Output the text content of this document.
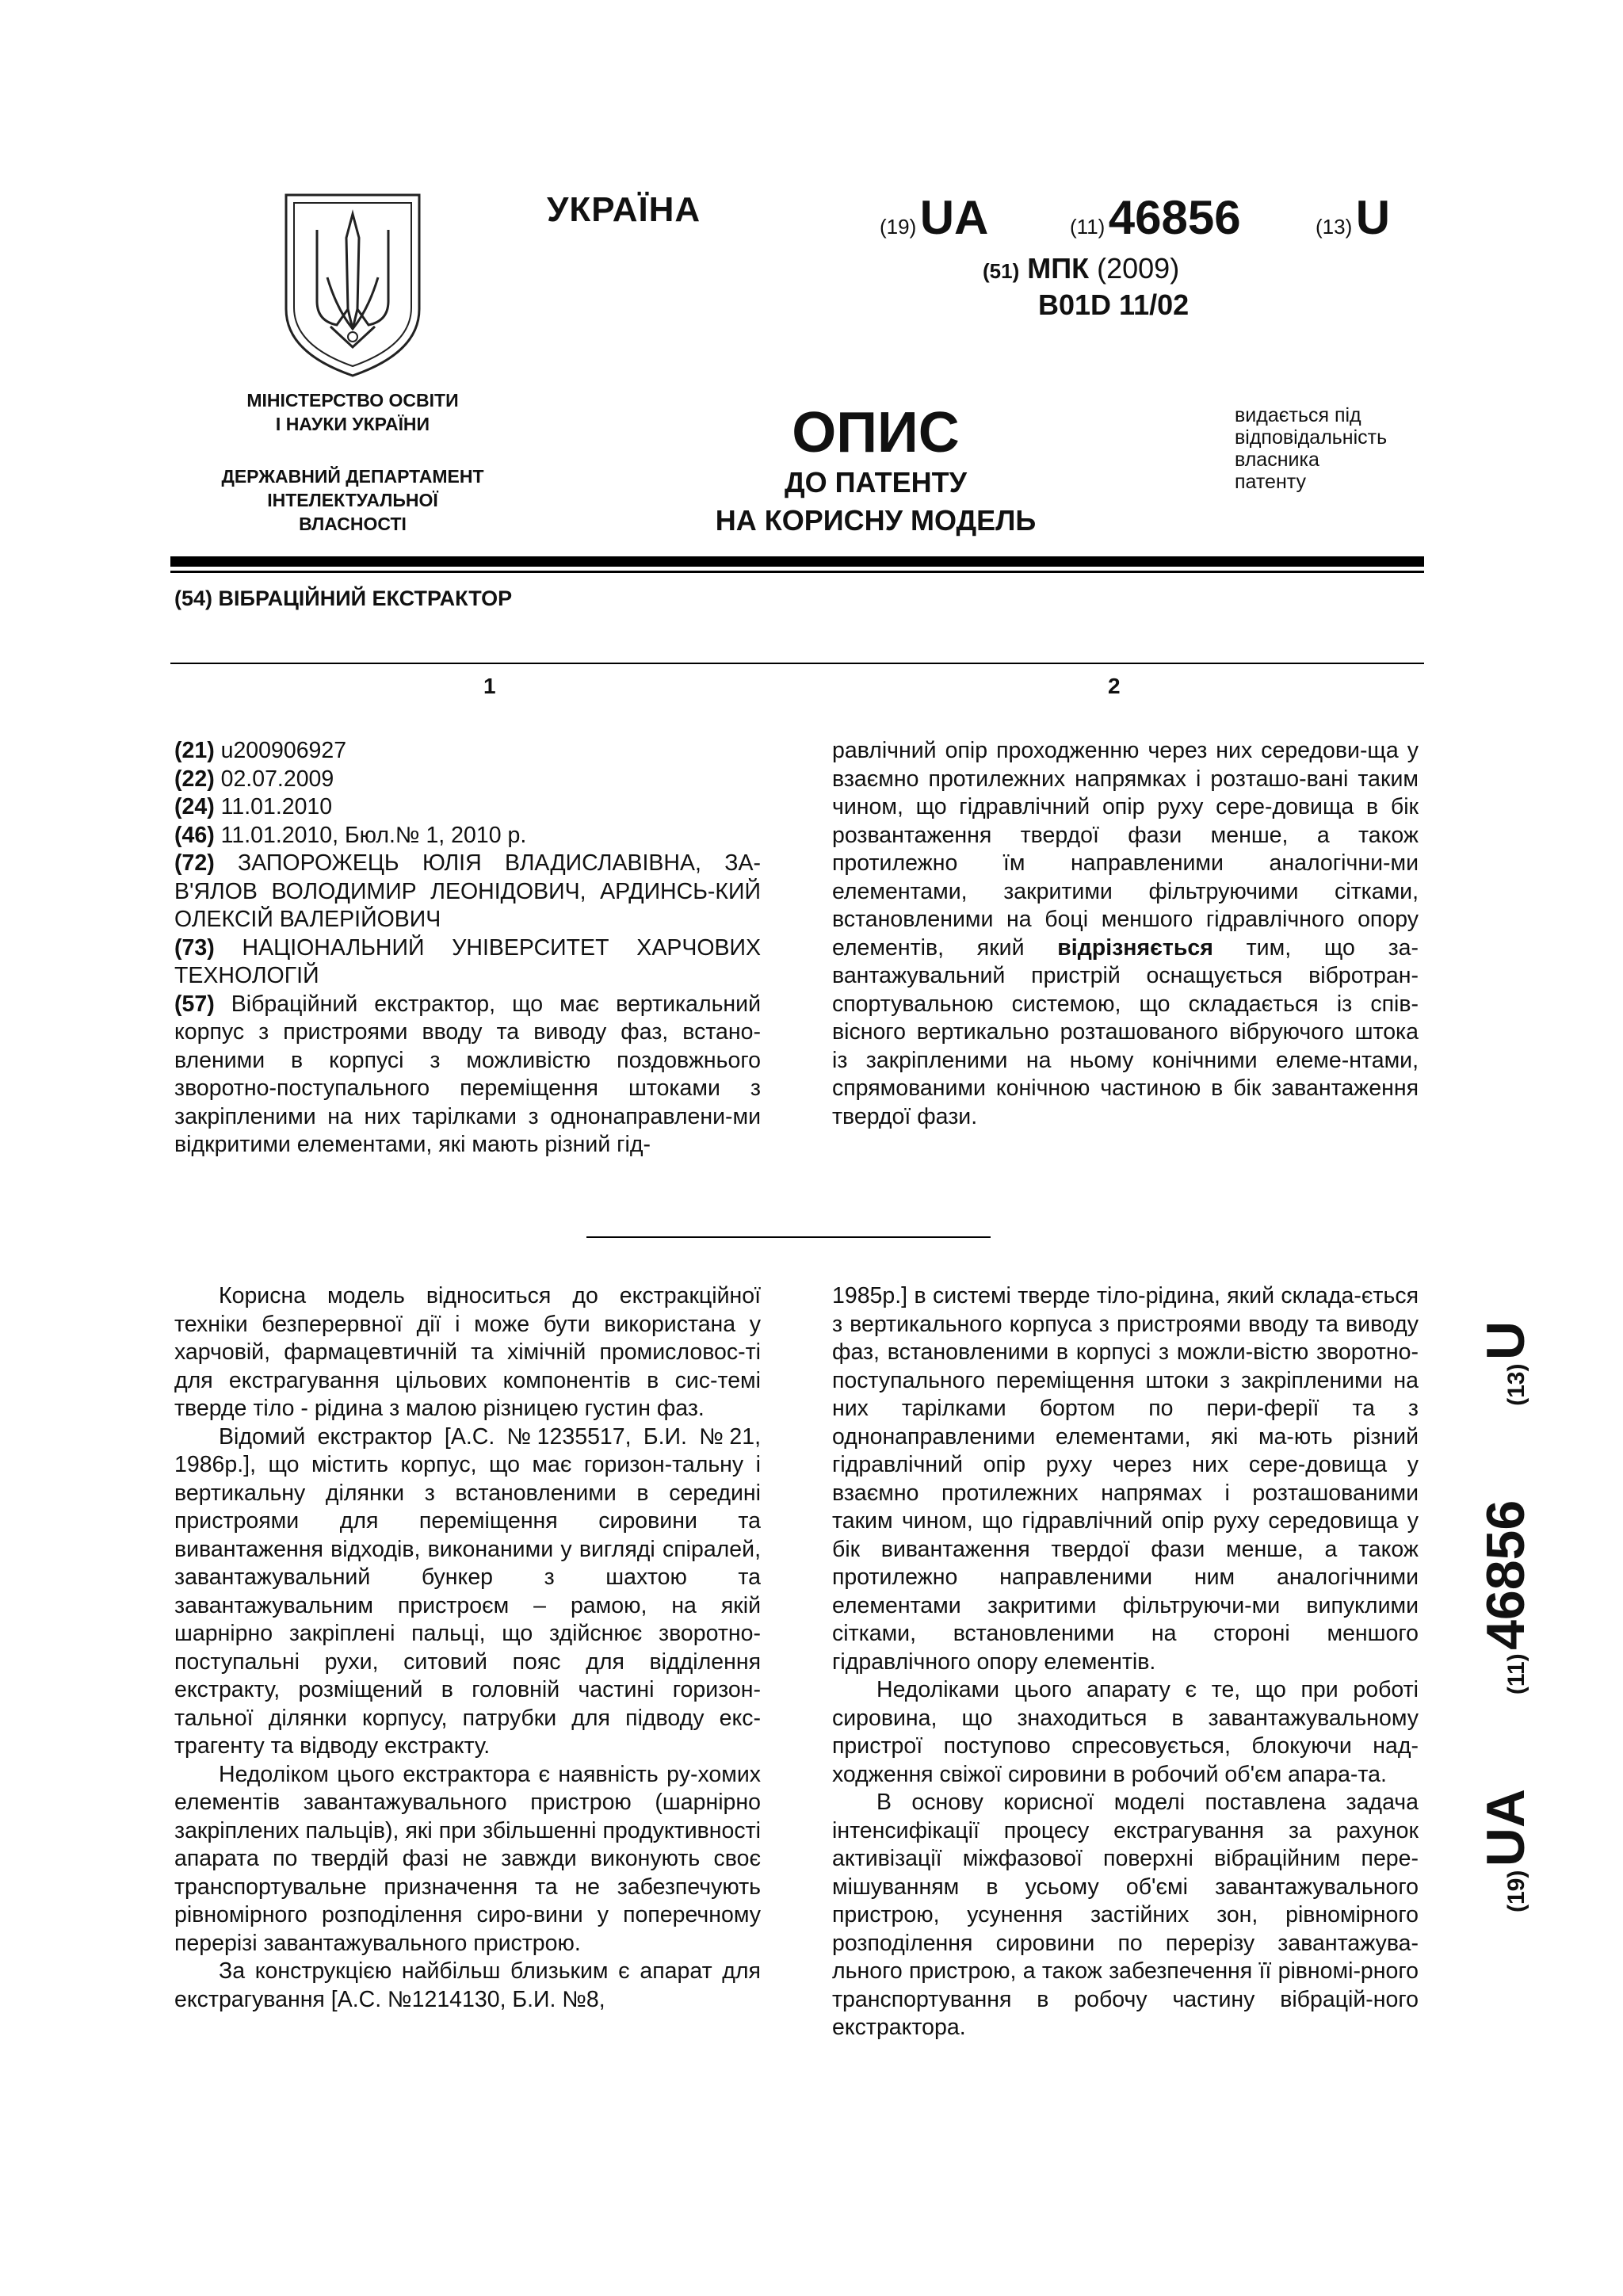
УКРАЇНА
МІНІСТЕРСТВО ОСВІТИ
І НАУКИ УКРАЇНИ
ДЕРЖАВНИЙ ДЕПАРТАМЕНТ
ІНТЕЛЕКТУАЛЬНОЇ
ВЛАСНОСТІ
(19) UA	(11) 46856	(13) U
(51) МПК (2009)
B01D 11/02
ОПИС
ДО ПАТЕНТУ
НА КОРИСНУ МОДЕЛЬ
видається під
відповідальність
власника
патенту
(54) ВІБРАЦІЙНИЙ ЕКСТРАКТОР
1	2

(21) u200906927

(22) 02.07.2009

(24) 11.01.2010

(46) 11.01.2010, Бюл.№ 1, 2010 р.

(72) ЗАПОРОЖЕЦЬ ЮЛІЯ ВЛАДИСЛАВІВНА, ЗА-В'ЯЛОВ ВОЛОДИМИР ЛЕОНІДОВИЧ, АРДИНСЬ-КИЙ ОЛЕКСІЙ ВАЛЕРІЙОВИЧ

(73) НАЦІОНАЛЬНИЙ УНІВЕРСИТЕТ ХАРЧОВИХ ТЕХНОЛОГІЙ

(57) Вібраційний екстрактор, що має вертикальний корпус з пристроями вводу та виводу фаз, встано-вленими в корпусі з можливістю поздовжнього зворотно-поступального переміщення штоками з закріпленими на них тарілками з однонаправлени-ми відкритими елементами, які мають різний гід-

равлічний опір проходженню через них середови-ща у взаємно протилежних напрямках і розташо-вані таким чином, що гідравлічний опір руху сере-довища в бік розвантаження твердої фази менше, а також протилежно їм направленими аналогічни-ми елементами, закритими фільтруючими сітками, встановленими на боці меншого гідравлічного опору елементів, який відрізняється тим, що за-вантажувальний пристрій оснащується вібротран-спортувальною системою, що складається із спів-вісного вертикально розташованого вібруючого штока із закріпленими на ньому конічними елеме-нтами, спрямованими конічною частиною в бік завантаження твердої фази.

Корисна модель відноситься до екстракційної техніки безперервної дії і може бути використана у харчовій, фармацевтичній та хімічній промисловос-ті для екстрагування цільових компонентів в сис-темі тверде тіло - рідина з малою різницею густин фаз.

Відомий екстрактор [А.С. №1235517, Б.И. №21, 1986р.], що містить корпус, що має горизон-тальну і вертикальну ділянки з встановленими в середині пристроями для переміщення сировини та вивантаження відходів, виконаними у вигляді спіралей, завантажувальний бункер з шахтою та завантажувальним пристроєм – рамою, на якій шарнірно закріплені пальці, що здійснює зворотно-поступальні рухи, ситовий пояс для відділення екстракту, розміщений в головній частині горизон-тальної ділянки корпусу, патрубки для підводу екс-трагенту та відводу екстракту.

Недоліком цього екстрактора є наявність ру-хомих елементів завантажувального пристрою (шарнірно закріплених пальців), які при збільшенні продуктивності апарата по твердій фазі не завжди виконують своє транспортувальне призначення та не забезпечують рівномірного розподілення сиро-вини у поперечному перерізі завантажувального пристрою.

За конструкцією найбільш близьким є апарат для екстрагування [А.С. №1214130, Б.И. №8,

1985р.] в системі тверде тіло-рідина, який склада-ється з вертикального корпуса з пристроями вводу та виводу фаз, встановленими в корпусі з можли-вістю зворотно-поступального переміщення штоки з закріпленими на них тарілками бортом по пери-ферії та з однонаправленими елементами, які ма-ють різний гідравлічний опір руху через них сере-довища у взаємно протилежних напрямах і розташованими таким чином, що гідравлічний опір руху середовища у бік вивантаження твердої фази менше, а також протилежно направленими ним аналогічними елементами закритими фільтруючи-ми випуклими сітками, встановленими на стороні меншого гідравлічного опору елементів.

Недоліками цього апарату є те, що при роботі сировина, що знаходиться в завантажувальному пристрої поступово спресовується, блокуючи над-ходження свіжої сировини в робочий об'єм апара-та.

В основу корисної моделі поставлена задача інтенсифікації процесу екстрагування за рахунок активізації міжфазової поверхні вібраційним пере-мішуванням в усьому об'ємі завантажувального пристрою, усунення застійних зон, рівномірного розподілення сировини по перерізу завантажува-льного пристрою, а також забезпечення її рівномі-рного транспортування в робочу частину вібрацій-ного екстрактора.

(19) UA  (11) 46856  (13) U
